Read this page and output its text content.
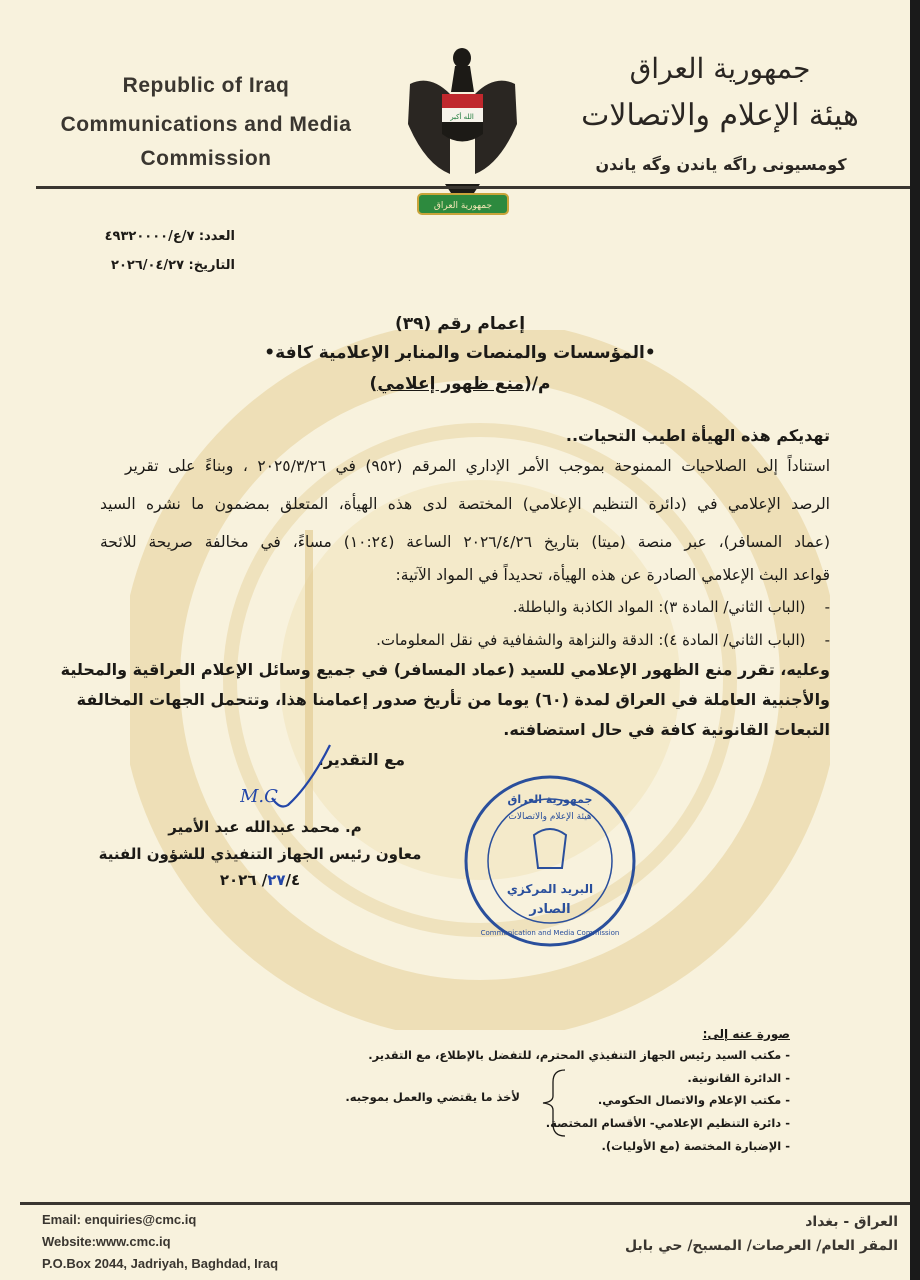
Republic of Iraq
Communications and Media
Commission
الله أكبر
جمهورية العراق
جمهورية العراق
هيئة الإعلام والاتصالات
كومسيونى راگه ياندن وگه ياندن
العدد: ٧/ع/٤٩٣٢٠٠٠٠
التاريخ: ٢٠٢٦/٠٤/٢٧
إعمام رقم (٣٩)
•المؤسسات والمنصات والمنابر الإعلامية كافة•
م/(منع ظهور إعلامي)
تهديكم هذه الهيأة اطيب التحيات..
استناداً إلى الصلاحيات الممنوحة بموجب الأمر الإداري المرقم (٩٥٢) في ٢٠٢٥/٣/٢٦ ، وبناءً على تقرير
الرصد الإعلامي في (دائرة التنظيم الإعلامي) المختصة لدى هذه الهيأة، المتعلق بمضمون ما نشره السيد
(عماد المسافر)، عبر منصة (ميتا) بتاريخ ٢٠٢٦/٤/٢٦ الساعة (١٠:٢٤) مساءً، في مخالفة صريحة للائحة
قواعد البث الإعلامي الصادرة عن هذه الهيأة، تحديداً في المواد الآتية:
-    (الباب الثاني/ المادة ٣): المواد الكاذبة والباطلة.
-    (الباب الثاني/ المادة ٤): الدقة والنزاهة والشفافية في نقل المعلومات.
وعليه، تقرر منع الظهور الإعلامي للسيد (عماد المسافر) في جميع وسائل الإعلام العراقية والمحلية
والأجنبية العاملة في العراق لمدة (٦٠) يوما من تأريخ صدور إعمامنا هذا، وتتحمل الجهات المخالفة
التبعات القانونية كافة في حال استضافته.
مع التقدير.
M.C
م. محمد عبدالله عبد الأمير
معاون رئيس الجهاز التنفيذي للشؤون الفنية
٢٧/٤/ ٢٠٢٦
جمهورية العراق
هيئة الإعلام والاتصالات
البريد المركزي
الصادر
Communication and Media Commission
صورة عنه إلى:
- مكتب السيد رئيس الجهاز التنفيذي المحترم، للتفضل بالإطلاع، مع التقدير.
- الدائرة القانونية.
- مكتب الإعلام والاتصال الحكومي.
- دائرة التنظيم الإعلامي- الأقسام المختصة.
- الإضبارة المختصة (مع الأوليات).
لأخذ ما يقتضي والعمل بموجبه.
Email: enquiries@cmc.iq
Website:www.cmc.iq
P.O.Box 2044, Jadriyah, Baghdad, Iraq
العراق - بغداد
المقر العام/ العرصات/ المسبح/ حي بابل
